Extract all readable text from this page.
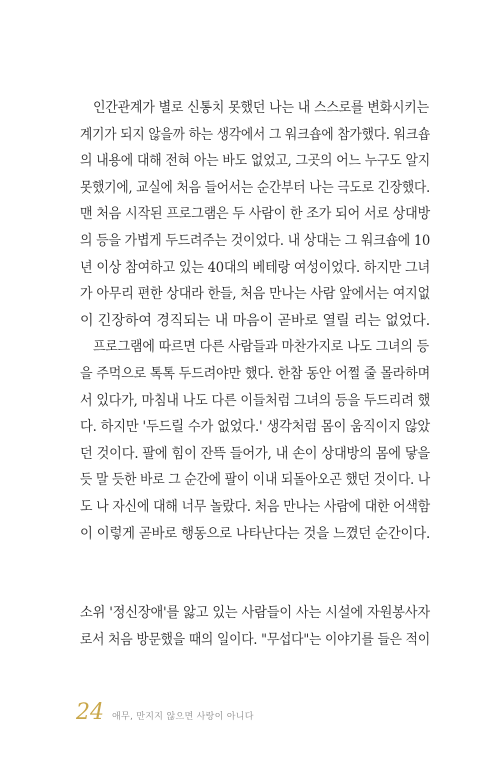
인간관계가 별로 신통치 못했던 나는 내 스스로를 변화시키는
계기가 되지 않을까 하는 생각에서 그 워크숍에 참가했다. 워크숍
의 내용에 대해 전혀 아는 바도 없었고, 그곳의 어느 누구도 알지
못했기에, 교실에 처음 들어서는 순간부터 나는 극도로 긴장했다.
맨 처음 시작된 프로그램은 두 사람이 한 조가 되어 서로 상대방
의 등을 가볍게 두드려주는 것이었다. 내 상대는 그 워크숍에 10
년 이상 참여하고 있는 40대의 베테랑 여성이었다. 하지만 그녀
가 아무리 편한 상대라 한들, 처음 만나는 사람 앞에서는 여지없
이 긴장하여 경직되는 내 마음이 곧바로 열릴 리는 없었다.
프로그램에 따르면 다른 사람들과 마찬가지로 나도 그녀의 등
을 주먹으로 톡톡 두드려야만 했다. 한참 동안 어쩔 줄 몰라하며
서 있다가, 마침내 나도 다른 이들처럼 그녀의 등을 두드리려 했
다. 하지만 '두드릴 수가 없었다.' 생각처럼 몸이 움직이지 않았
던 것이다. 팔에 힘이 잔뜩 들어가, 내 손이 상대방의 몸에 닿을
듯 말 듯한 바로 그 순간에 팔이 이내 되돌아오곤 했던 것이다. 나
도 나 자신에 대해 너무 놀랐다. 처음 만나는 사람에 대한 어색함
이 이렇게 곧바로 행동으로 나타난다는 것을 느꼈던 순간이다.
소위 '정신장애'를 앓고 있는 사람들이 사는 시설에 자원봉사자
로서 처음 방문했을 때의 일이다. "무섭다"는 이야기를 들은 적이
24 애무, 만지지 않으면 사랑이 아니다
